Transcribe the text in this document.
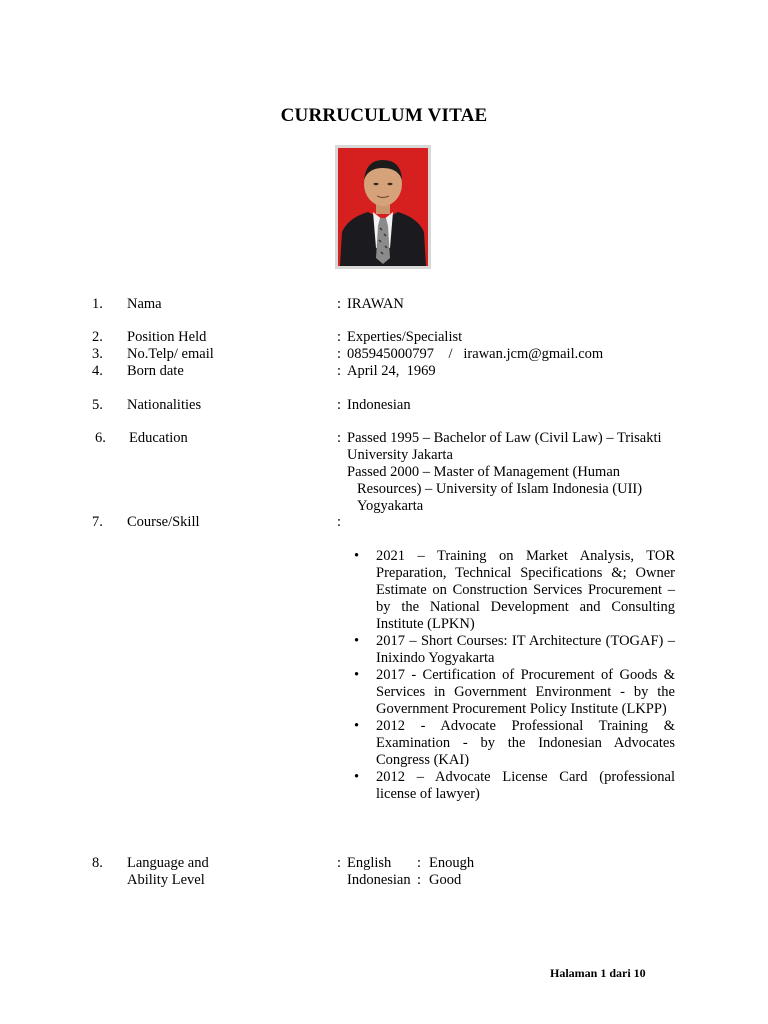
CURRUCULUM VITAE
1. Nama	: IRAWAN
2. Position Held	: Experties/Specialist
3. No.Telp/ email	: 085945000797    /   irawan.jcm@gmail.com
4. Born date	: April 24,  1969
5. Nationalities	: Indonesian
6. Education	: Passed 1995 – Bachelor of Law (Civil Law) – Trisakti

University Jakarta

Passed 2000 – Master of Management (Human

Resources) – University of Islam Indonesia (UII)

Yogyakarta

7. Course/Skill	:
• 2021 – Training on Market Analysis, TOR Preparation, Technical Specifications &; Owner Estimate on Construction Services Procurement – by the National Development and Consulting Institute (LPKN)
• 2017 – Short Courses: IT Architecture (TOGAF) – Inixindo Yogyakarta
• 2017 - Certification of Procurement of Goods & Services in Government Environment - by the Government Procurement Policy Institute (LKPP)
• 2012 - Advocate Professional Training & Examination - by the Indonesian Advocates Congress (KAI)
• 2012 – Advocate License Card (professional license of lawyer)
8. Language and	:
Ability Level
English : Enough
Indonesian : Good
Halaman 1 dari 10
